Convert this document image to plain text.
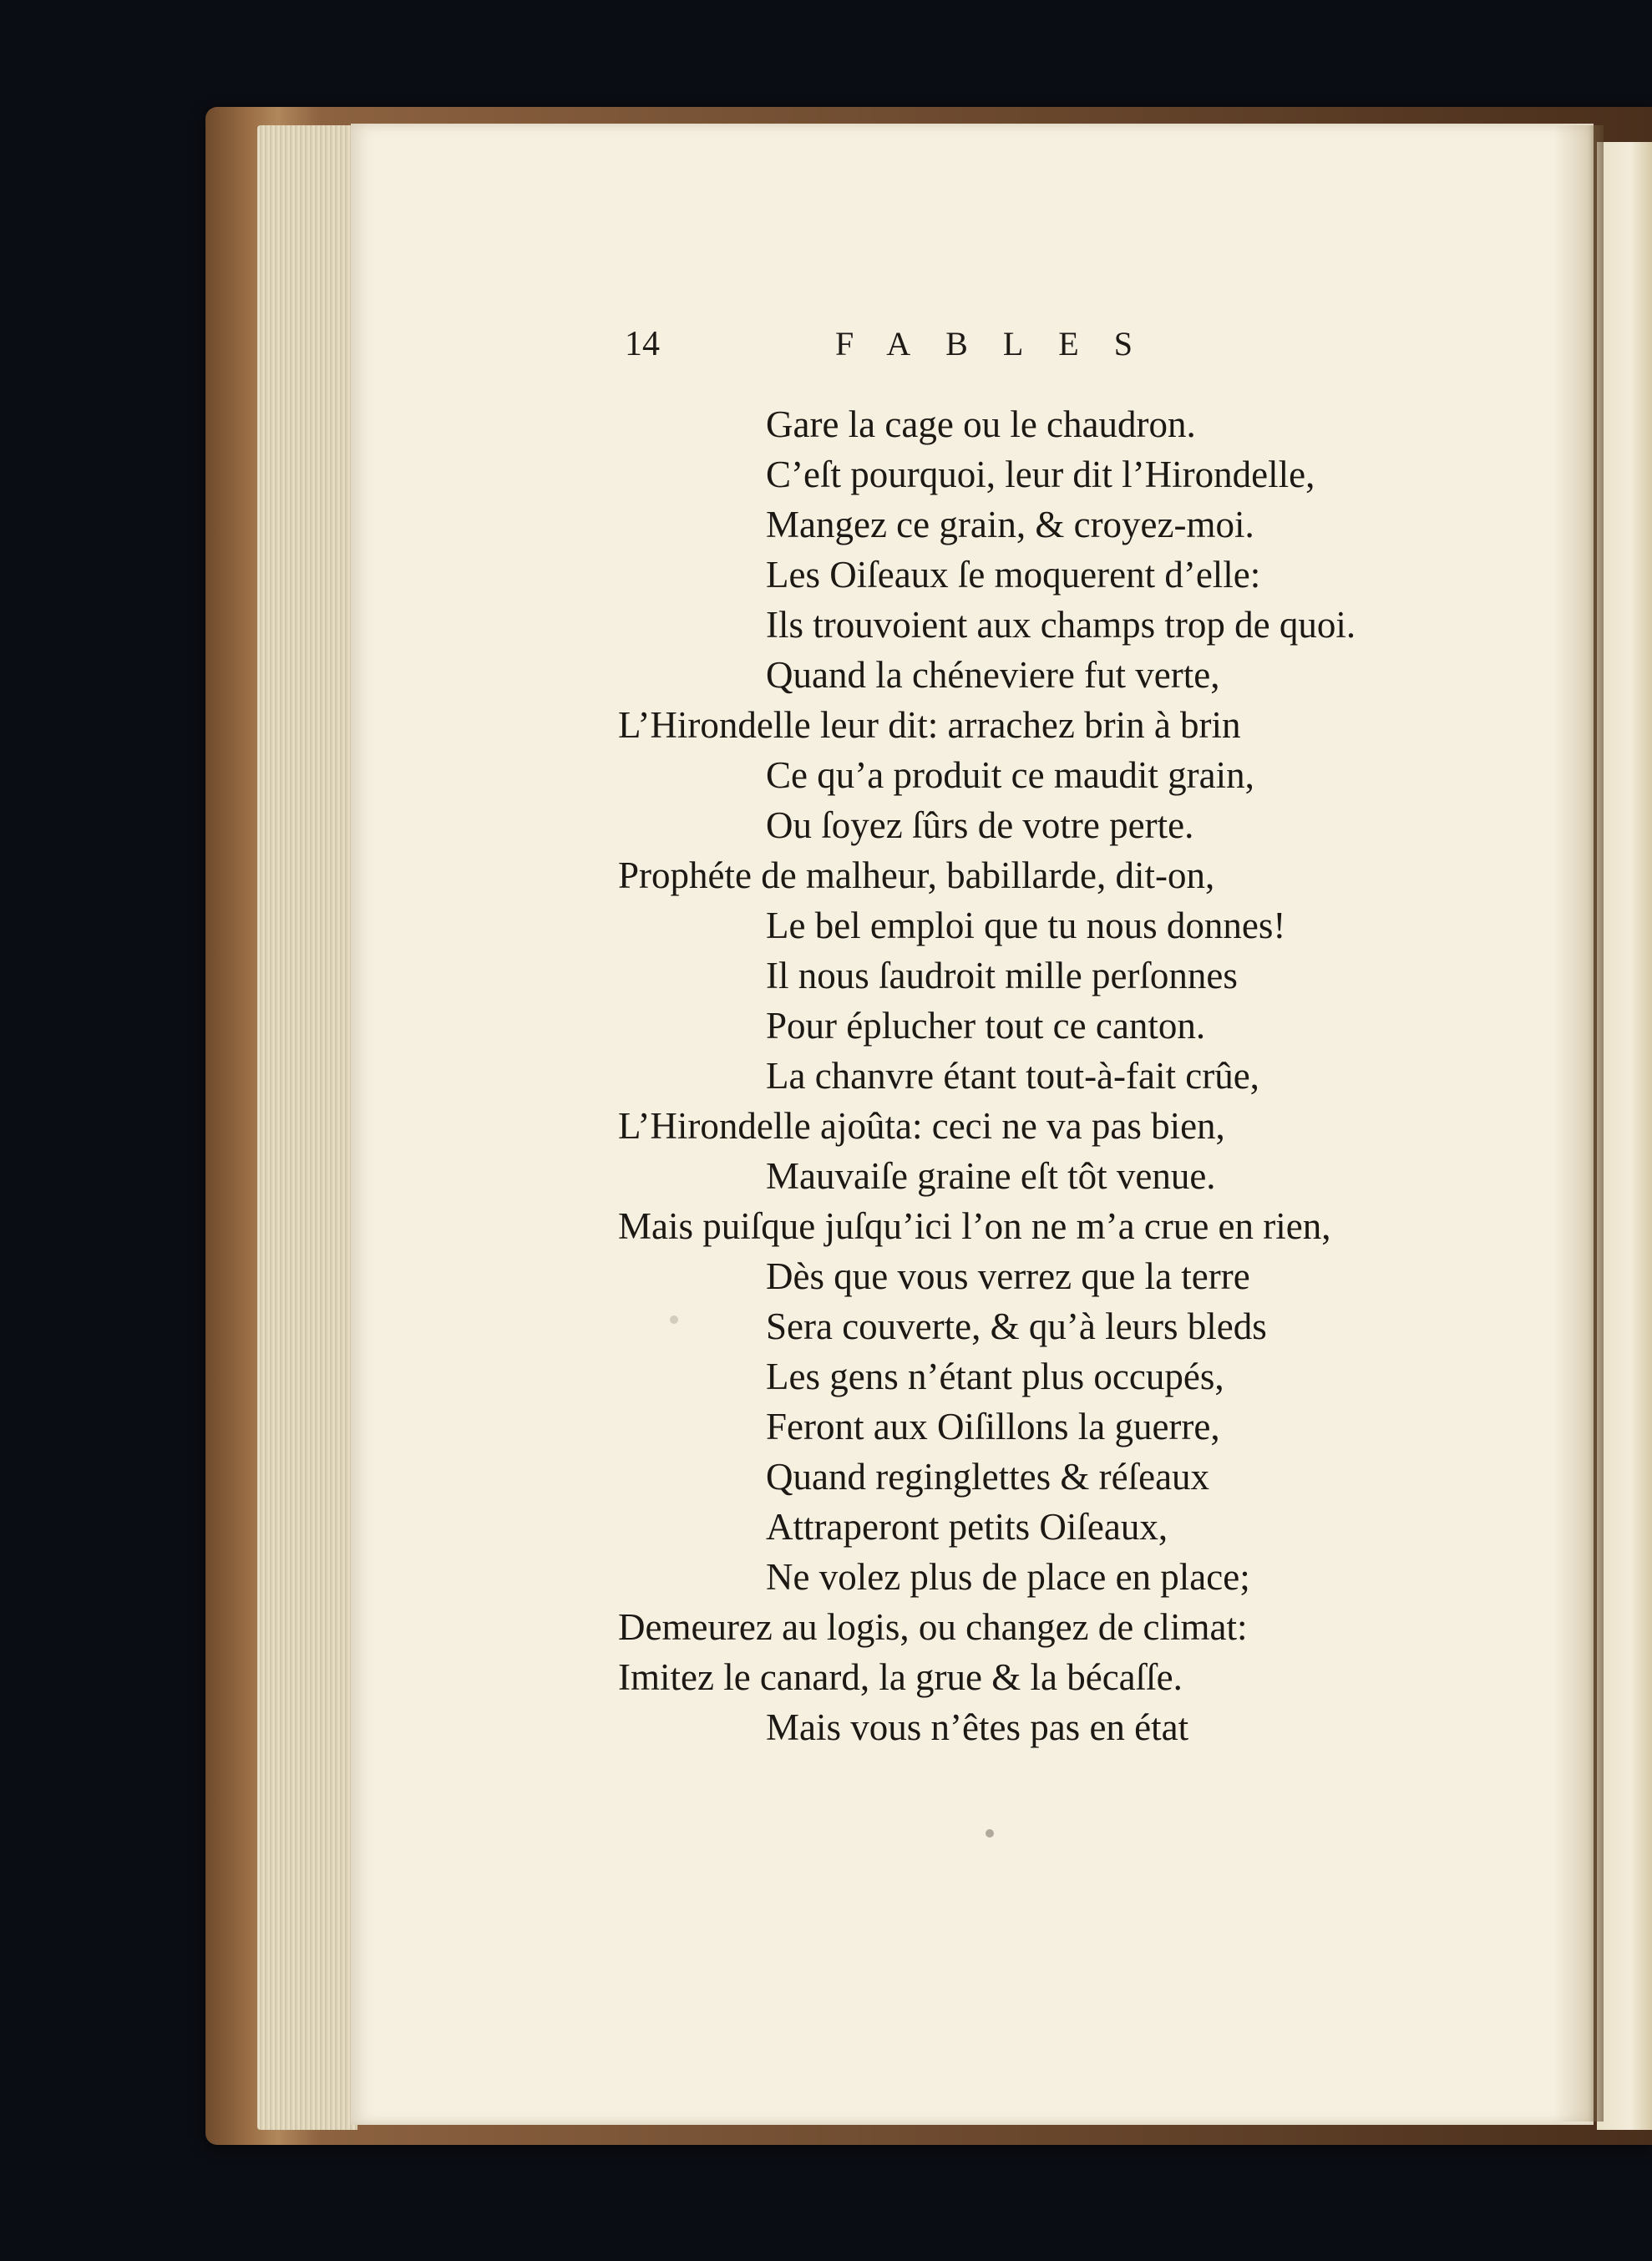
14	FABLES
Gare la cage ou le chaudron.
C’eſt pourquoi, leur dit l’Hirondelle,
Mangez ce grain, & croyez-moi.
Les Oiſeaux ſe moquerent d’elle:
Ils trouvoient aux champs trop de quoi.
Quand la chéneviere fut verte,
L’Hirondelle leur dit: arrachez brin à brin
Ce qu’a produit ce maudit grain,
Ou ſoyez ſûrs de votre perte.
Prophéte de malheur, babillarde, dit-on,
Le bel emploi que tu nous donnes!
Il nous ſaudroit mille perſonnes
Pour éplucher tout ce canton.
La chanvre étant tout-à-fait crûe,
L’Hirondelle ajoûta: ceci ne va pas bien,
Mauvaiſe graine eſt tôt venue.
Mais puiſque juſqu’ici l’on ne m’a crue en rien,
Dès que vous verrez que la terre
Sera couverte, & qu’à leurs bleds
Les gens n’étant plus occupés,
Feront aux Oiſillons la guerre,
Quand reginglettes & réſeaux
Attraperont petits Oiſeaux,
Ne volez plus de place en place;
Demeurez au logis, ou changez de climat:
Imitez le canard, la grue & la bécaſſe.
Mais vous n’êtes pas en état
